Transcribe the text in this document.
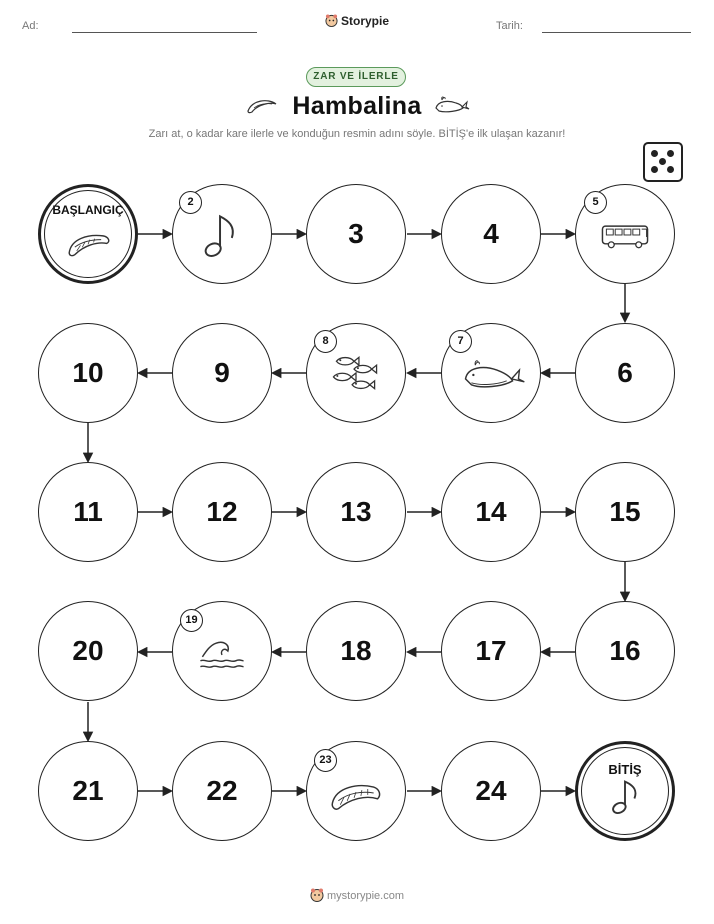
Ad:	Storypie	Tarih:
ZAR VE İLERLE
Hambalina
Zarı at, o kadar kare ilerle ve konduğun resmin adını söyle. BİTİŞ'e ilk ulaşan kazanır!
BAŞLANGIÇ
2
3	4
5
10	9
8	7
6
11	12	13	14	15
20
19
18	17	16
21	22
23
24
BİTİŞ
mystorypie.com
